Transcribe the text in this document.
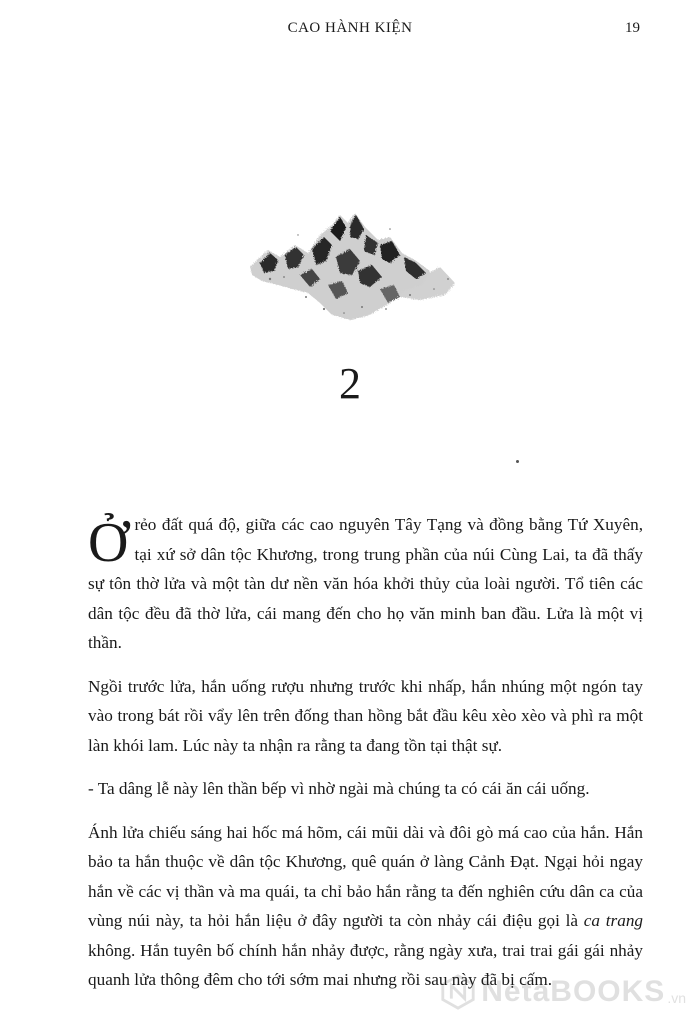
CAO HÀNH KIỆN	19
2

Ở rẻo đất quá độ, giữa các cao nguyên Tây Tạng và đồng bằng Tứ Xuyên, tại xứ sở dân tộc Khương, trong trung phần của núi Cùng Lai, ta đã thấy sự tôn thờ lửa và một tàn dư nền văn hóa khởi thủy của loài người. Tổ tiên các dân tộc đều đã thờ lửa, cái mang đến cho họ văn minh ban đầu. Lửa là một vị thần.

Ngồi trước lửa, hắn uống rượu nhưng trước khi nhấp, hắn nhúng một ngón tay vào trong bát rồi vẩy lên trên đống than hồng bắt đầu kêu xèo xèo và phì ra một làn khói lam. Lúc này ta nhận ra rằng ta đang tồn tại thật sự.

- Ta dâng lễ này lên thần bếp vì nhờ ngài mà chúng ta có cái ăn cái uống.

Ánh lửa chiếu sáng hai hốc má hõm, cái mũi dài và đôi gò má cao của hắn. Hắn bảo ta hắn thuộc về dân tộc Khương, quê quán ở làng Cảnh Đạt. Ngại hỏi ngay hắn về các vị thần và ma quái, ta chỉ bảo hắn rằng ta đến nghiên cứu dân ca của vùng núi này, ta hỏi hắn liệu ở đây người ta còn nhảy cái điệu gọi là ca trang không. Hắn tuyên bố chính hắn nhảy được, rằng ngày xưa, trai trai gái gái nhảy quanh lửa thông đêm cho tới sớm mai nhưng rồi sau này đã bị cấm.

NetaBOOKS .vn
